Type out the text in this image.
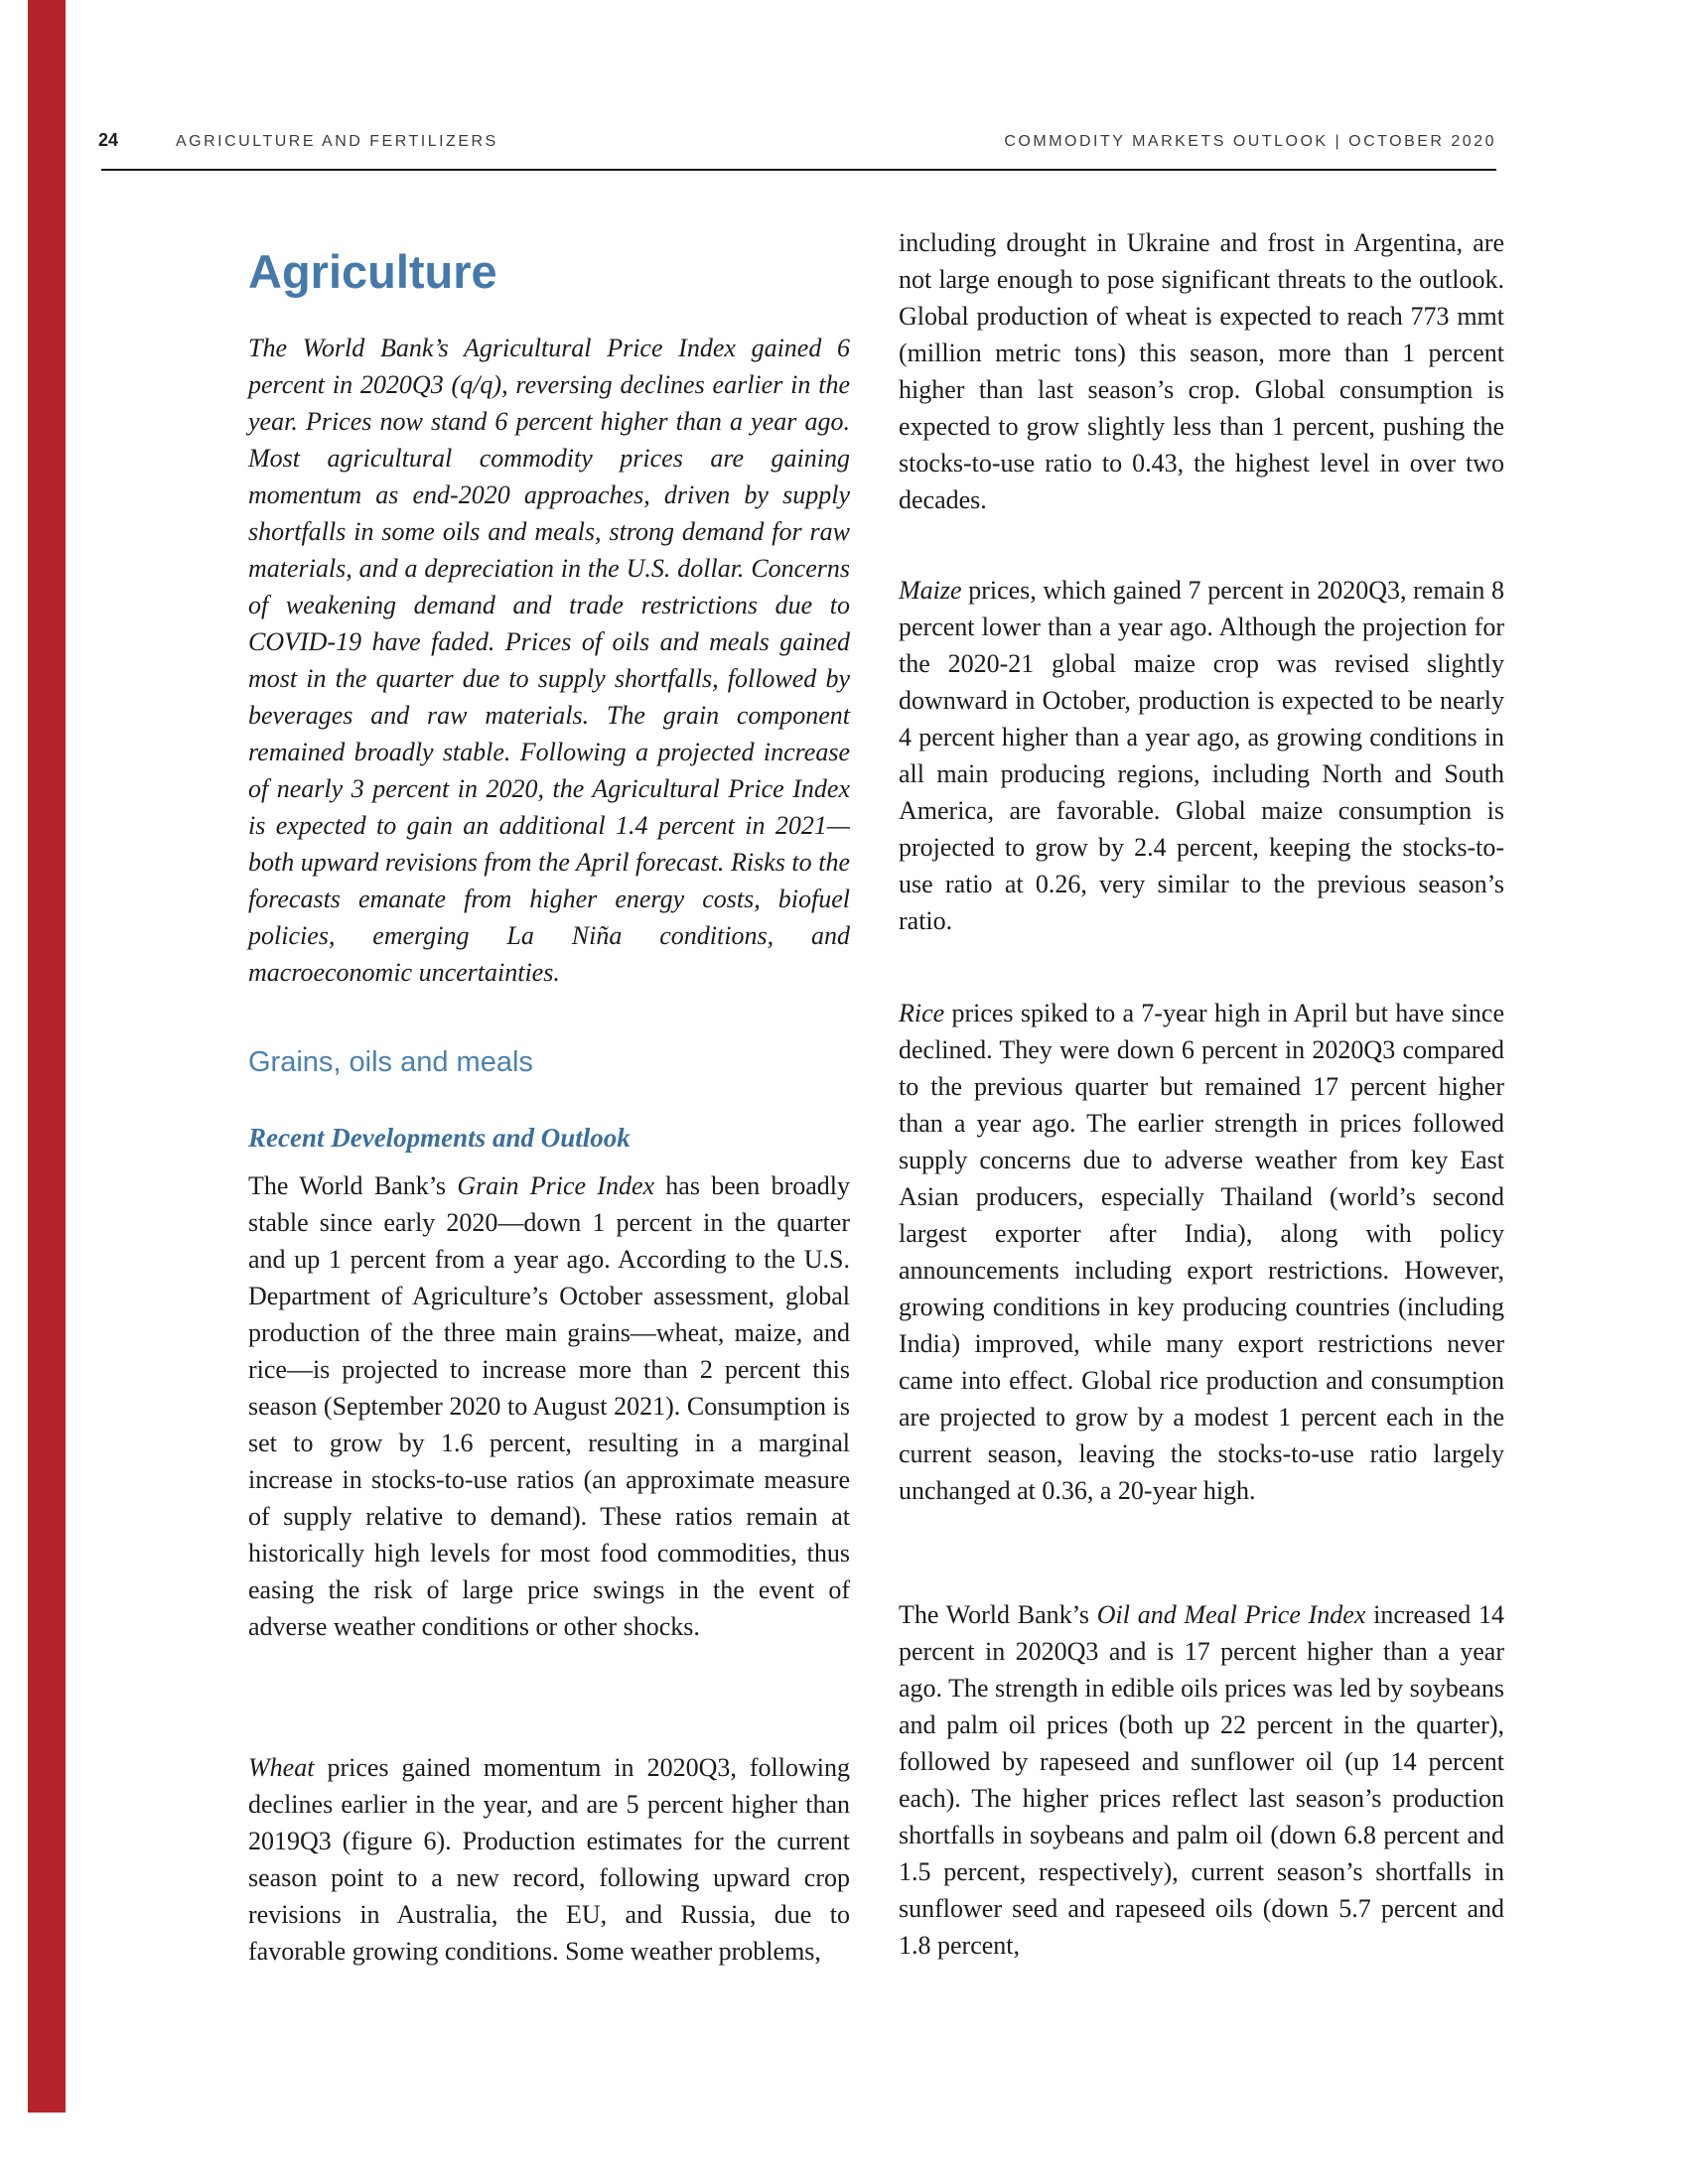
24	AGRICULTURE AND FERTILIZERS	COMMODITY MARKETS OUTLOOK | OCTOBER 2020
Agriculture

The World Bank’s Agricultural Price Index gained 6 percent in 2020Q3 (q/q), reversing declines earlier in the year. Prices now stand 6 percent higher than a year ago. Most agricultural commodity prices are gaining momentum as end-2020 approaches, driven by supply shortfalls in some oils and meals, strong demand for raw materials, and a depreciation in the U.S. dollar. Concerns of weakening demand and trade restrictions due to COVID-19 have faded. Prices of oils and meals gained most in the quarter due to supply shortfalls, followed by beverages and raw materials. The grain component remained broadly stable. Following a projected increase of nearly 3 percent in 2020, the Agricultural Price Index is expected to gain an additional 1.4 percent in 2021—both upward revisions from the April forecast. Risks to the forecasts emanate from higher energy costs, biofuel policies, emerging La Niña conditions, and macroeconomic uncertainties.

Grains, oils and meals
Recent Developments and Outlook

The World Bank’s Grain Price Index has been broadly stable since early 2020—down 1 percent in the quarter and up 1 percent from a year ago. According to the U.S. Department of Agriculture’s October assessment, global production of the three main grains—wheat, maize, and rice—is projected to increase more than 2 percent this season (September 2020 to August 2021). Consumption is set to grow by 1.6 percent, resulting in a marginal increase in stocks-to-use ratios (an approximate measure of supply relative to demand). These ratios remain at historically high levels for most food commodities, thus easing the risk of large price swings in the event of adverse weather conditions or other shocks.

Wheat prices gained momentum in 2020Q3, following declines earlier in the year, and are 5 percent higher than 2019Q3 (figure 6). Production estimates for the current season point to a new record, following upward crop revisions in Australia, the EU, and Russia, due to favorable growing conditions. Some weather problems,

including drought in Ukraine and frost in Argentina, are not large enough to pose significant threats to the outlook. Global production of wheat is expected to reach 773 mmt (million metric tons) this season, more than 1 percent higher than last season’s crop. Global consumption is expected to grow slightly less than 1 percent, pushing the stocks-to-use ratio to 0.43, the highest level in over two decades.

Maize prices, which gained 7 percent in 2020Q3, remain 8 percent lower than a year ago. Although the projection for the 2020-21 global maize crop was revised slightly downward in October, production is expected to be nearly 4 percent higher than a year ago, as growing conditions in all main producing regions, including North and South America, are favorable. Global maize consumption is projected to grow by 2.4 percent, keeping the stocks-to-use ratio at 0.26, very similar to the previous season’s ratio.

Rice prices spiked to a 7-year high in April but have since declined. They were down 6 percent in 2020Q3 compared to the previous quarter but remained 17 percent higher than a year ago. The earlier strength in prices followed supply concerns due to adverse weather from key East Asian producers, especially Thailand (world’s second largest exporter after India), along with policy announcements including export restrictions. However, growing conditions in key producing countries (including India) improved, while many export restrictions never came into effect. Global rice production and consumption are projected to grow by a modest 1 percent each in the current season, leaving the stocks-to-use ratio largely unchanged at 0.36, a 20-year high.

The World Bank’s Oil and Meal Price Index increased 14 percent in 2020Q3 and is 17 percent higher than a year ago. The strength in edible oils prices was led by soybeans and palm oil prices (both up 22 percent in the quarter), followed by rapeseed and sunflower oil (up 14 percent each). The higher prices reflect last season’s production shortfalls in soybeans and palm oil (down 6.8 percent and 1.5 percent, respectively), current season’s shortfalls in sunflower seed and rapeseed oils (down 5.7 percent and 1.8 percent,
